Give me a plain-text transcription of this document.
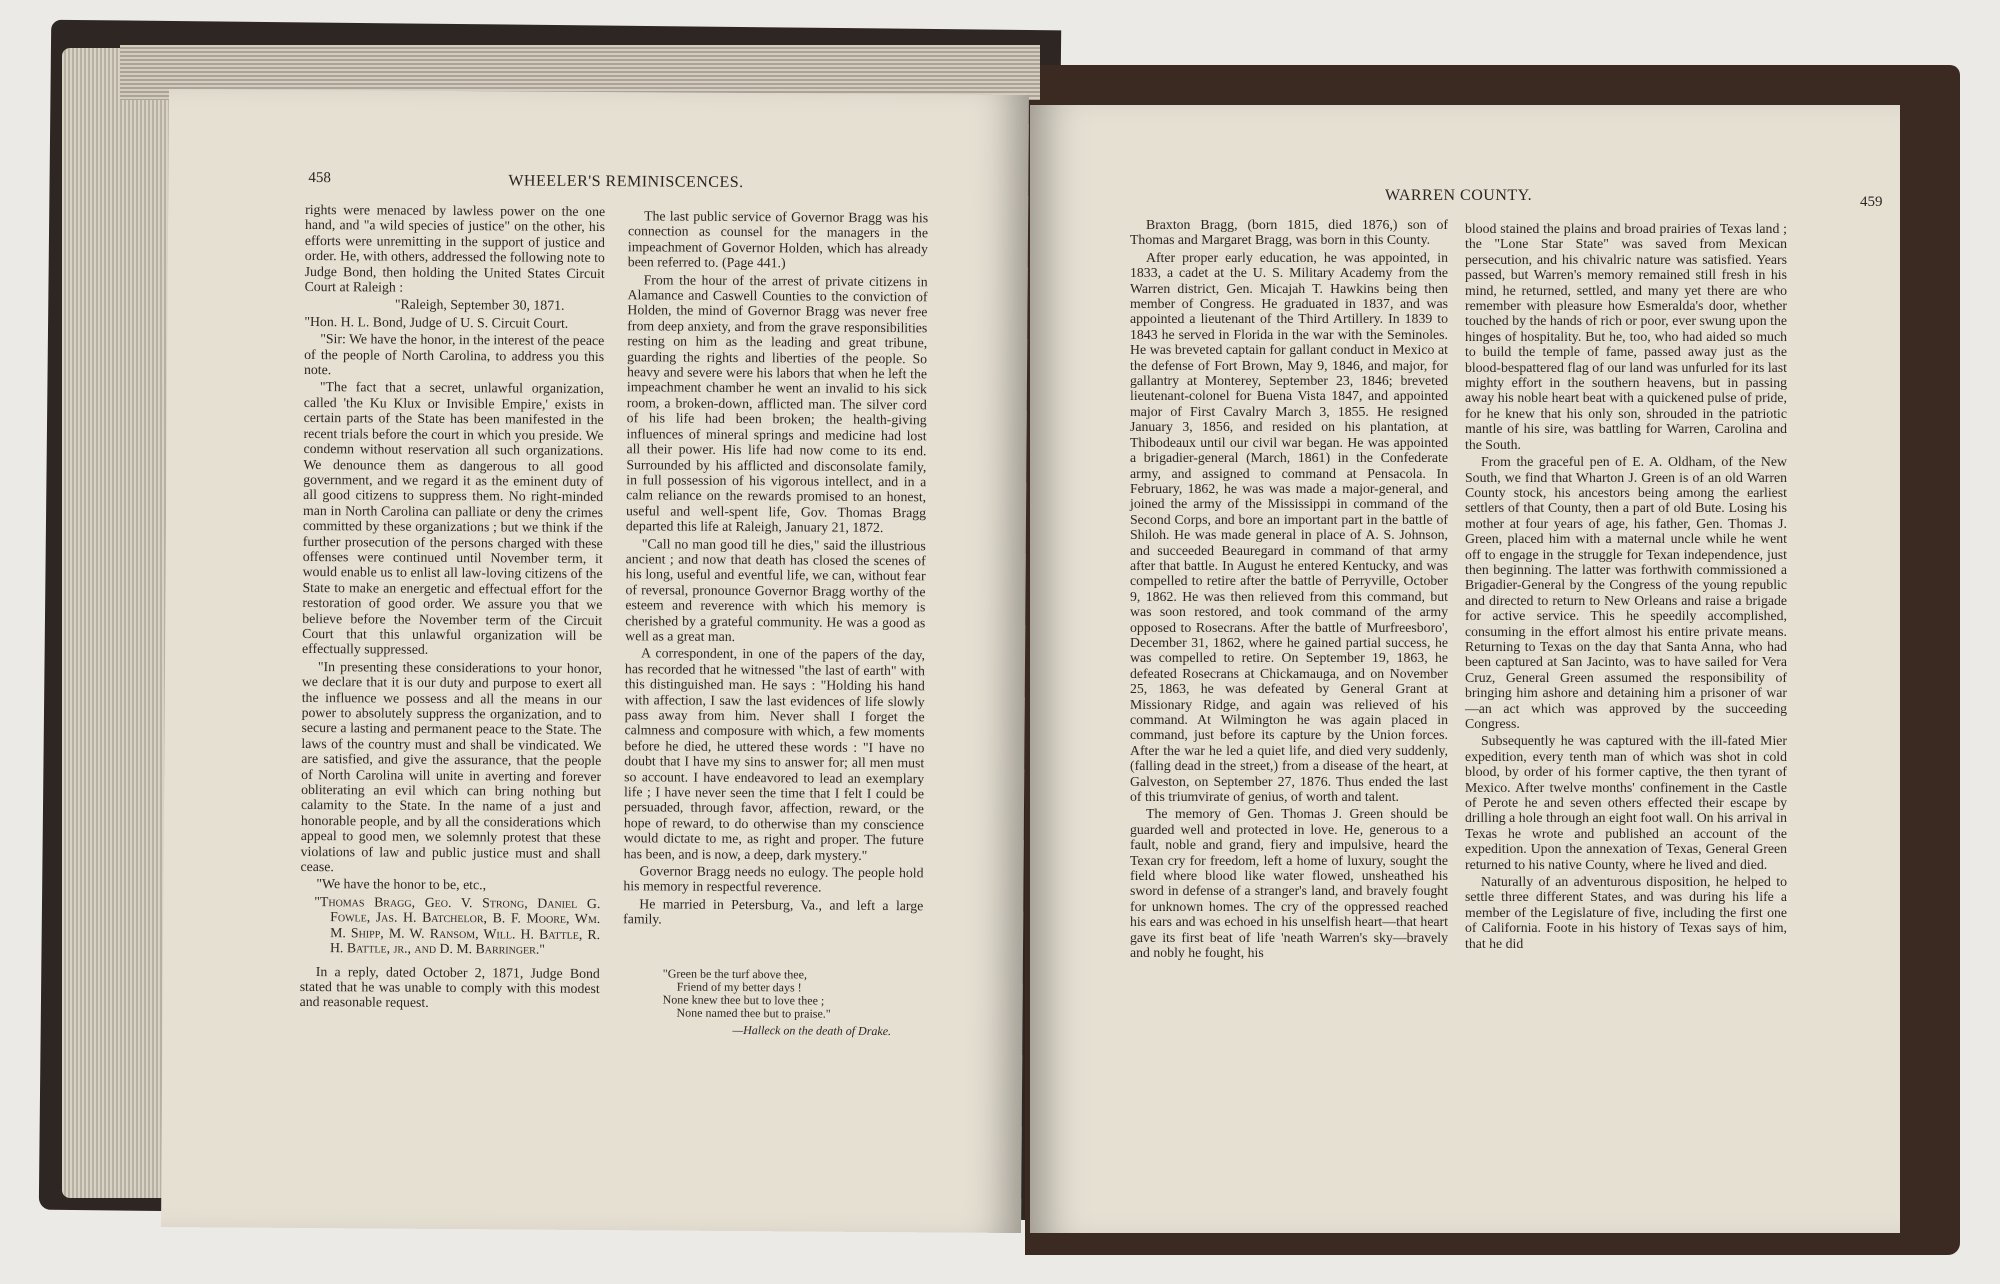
458	WHEELER'S REMINISCENCES.

rights were menaced by lawless power on the one hand, and "a wild species of justice" on the other, his efforts were unremitting in the support of justice and order. He, with others, addressed the following note to Judge Bond, then holding the United States Circuit Court at Raleigh :

"Raleigh, September 30, 1871.

"Hon. H. L. Bond, Judge of U. S. Circuit Court.

"Sir: We have the honor, in the interest of the peace of the people of North Carolina, to address you this note.

"The fact that a secret, unlawful organization, called 'the Ku Klux or Invisible Empire,' exists in certain parts of the State has been manifested in the recent trials before the court in which you preside. We condemn without reservation all such organizations. We denounce them as dangerous to all good government, and we regard it as the eminent duty of all good citizens to suppress them. No right-minded man in North Carolina can palliate or deny the crimes committed by these organizations ; but we think if the further prosecution of the persons charged with these offenses were continued until November term, it would enable us to enlist all law-loving citizens of the State to make an energetic and effectual effort for the restoration of good order. We assure you that we believe before the November term of the Circuit Court that this unlawful organization will be effectually suppressed.

"In presenting these considerations to your honor, we declare that it is our duty and purpose to exert all the influence we possess and all the means in our power to absolutely suppress the organization, and to secure a lasting and permanent peace to the State. The laws of the country must and shall be vindicated. We are satisfied, and give the assurance, that the people of North Carolina will unite in averting and forever obliterating an evil which can bring nothing but calamity to the State. In the name of a just and honorable people, and by all the considerations which appeal to good men, we solemnly protest that these violations of law and public justice must and shall cease.

"We have the honor to be, etc.,

"Thomas Bragg, Geo. V. Strong, Daniel G. Fowle, Jas. H. Batchelor, B. F. Moore, Wm. M. Shipp, M. W. Ransom, Will. H. Battle, R. H. Battle, jr., and D. M. Barringer."

In a reply, dated October 2, 1871, Judge Bond stated that he was unable to comply with this modest and reasonable request.

The last public service of Governor Bragg was his connection as counsel for the managers in the impeachment of Governor Holden, which has already been referred to. (Page 441.)

From the hour of the arrest of private citizens in Alamance and Caswell Counties to the conviction of Holden, the mind of Governor Bragg was never free from deep anxiety, and from the grave responsibilities resting on him as the leading and great tribune, guarding the rights and liberties of the people. So heavy and severe were his labors that when he left the impeachment chamber he went an invalid to his sick room, a broken-down, afflicted man. The silver cord of his life had been broken; the health-giving influences of mineral springs and medicine had lost all their power. His life had now come to its end. Surrounded by his afflicted and disconsolate family, in full possession of his vigorous intellect, and in a calm reliance on the rewards promised to an honest, useful and well-spent life, Gov. Thomas Bragg departed this life at Raleigh, January 21, 1872.

"Call no man good till he dies," said the illustrious ancient ; and now that death has closed the scenes of his long, useful and eventful life, we can, without fear of reversal, pronounce Governor Bragg worthy of the esteem and reverence with which his memory is cherished by a grateful community. He was a good as well as a great man.

A correspondent, in one of the papers of the day, has recorded that he witnessed "the last of earth" with this distinguished man. He says : "Holding his hand with affection, I saw the last evidences of life slowly pass away from him. Never shall I forget the calmness and composure with which, a few moments before he died, he uttered these words : "I have no doubt that I have my sins to answer for; all men must so account. I have endeavored to lead an exemplary life ; I have never seen the time that I felt I could be persuaded, through favor, affection, reward, or the hope of reward, to do otherwise than my conscience would dictate to me, as right and proper. The future has been, and is now, a deep, dark mystery."

Governor Bragg needs no eulogy. The people hold his memory in respectful reverence.

He married in Petersburg, Va., and left a large family.

"Green be the turf above thee,
Friend of my better days !
None knew thee but to love thee ;
None named thee but to praise."
—Halleck on the death of Drake.
WARREN COUNTY.	459

Braxton Bragg, (born 1815, died 1876,) son of Thomas and Margaret Bragg, was born in this County.

After proper early education, he was appointed, in 1833, a cadet at the U. S. Military Academy from the Warren district, Gen. Micajah T. Hawkins being then member of Congress. He graduated in 1837, and was appointed a lieutenant of the Third Artillery. In 1839 to 1843 he served in Florida in the war with the Seminoles. He was breveted captain for gallant conduct in Mexico at the defense of Fort Brown, May 9, 1846, and major, for gallantry at Monterey, September 23, 1846; breveted lieutenant-colonel for Buena Vista 1847, and appointed major of First Cavalry March 3, 1855. He resigned January 3, 1856, and resided on his plantation, at Thibodeaux until our civil war began. He was appointed a brigadier-general (March, 1861) in the Confederate army, and assigned to command at Pensacola. In February, 1862, he was was made a major-general, and joined the army of the Mississippi in command of the Second Corps, and bore an important part in the battle of Shiloh. He was made general in place of A. S. Johnson, and succeeded Beauregard in command of that army after that battle. In August he entered Kentucky, and was compelled to retire after the battle of Perryville, October 9, 1862. He was then relieved from this command, but was soon restored, and took command of the army opposed to Rosecrans. After the battle of Murfreesboro', December 31, 1862, where he gained partial success, he was compelled to retire. On September 19, 1863, he defeated Rosecrans at Chickamauga, and on November 25, 1863, he was defeated by General Grant at Missionary Ridge, and again was relieved of his command. At Wilmington he was again placed in command, just before its capture by the Union forces. After the war he led a quiet life, and died very suddenly, (falling dead in the street,) from a disease of the heart, at Galveston, on September 27, 1876. Thus ended the last of this triumvirate of genius, of worth and talent.

The memory of Gen. Thomas J. Green should be guarded well and protected in love. He, generous to a fault, noble and grand, fiery and impulsive, heard the Texan cry for freedom, left a home of luxury, sought the field where blood like water flowed, unsheathed his sword in defense of a stranger's land, and bravely fought for unknown homes. The cry of the oppressed reached his ears and was echoed in his unselfish heart—that heart gave its first beat of life 'neath Warren's sky—bravely and nobly he fought, his

blood stained the plains and broad prairies of Texas land ; the "Lone Star State" was saved from Mexican persecution, and his chivalric nature was satisfied. Years passed, but Warren's memory remained still fresh in his mind, he returned, settled, and many yet there are who remember with pleasure how Esmeralda's door, whether touched by the hands of rich or poor, ever swung upon the hinges of hospitality. But he, too, who had aided so much to build the temple of fame, passed away just as the blood-bespattered flag of our land was unfurled for its last mighty effort in the southern heavens, but in passing away his noble heart beat with a quickened pulse of pride, for he knew that his only son, shrouded in the patriotic mantle of his sire, was battling for Warren, Carolina and the South.

From the graceful pen of E. A. Oldham, of the New South, we find that Wharton J. Green is of an old Warren County stock, his ancestors being among the earliest settlers of that County, then a part of old Bute. Losing his mother at four years of age, his father, Gen. Thomas J. Green, placed him with a maternal uncle while he went off to engage in the struggle for Texan independence, just then beginning. The latter was forthwith commissioned a Brigadier-General by the Congress of the young republic and directed to return to New Orleans and raise a brigade for active service. This he speedily accomplished, consuming in the effort almost his entire private means. Returning to Texas on the day that Santa Anna, who had been captured at San Jacinto, was to have sailed for Vera Cruz, General Green assumed the responsibility of bringing him ashore and detaining him a prisoner of war—an act which was approved by the succeeding Congress.

Subsequently he was captured with the ill-fated Mier expedition, every tenth man of which was shot in cold blood, by order of his former captive, the then tyrant of Mexico. After twelve months' confinement in the Castle of Perote he and seven others effected their escape by drilling a hole through an eight foot wall. On his arrival in Texas he wrote and published an account of the expedition. Upon the annexation of Texas, General Green returned to his native County, where he lived and died.

Naturally of an adventurous disposition, he helped to settle three different States, and was during his life a member of the Legislature of five, including the first one of California. Foote in his history of Texas says of him, that he did
